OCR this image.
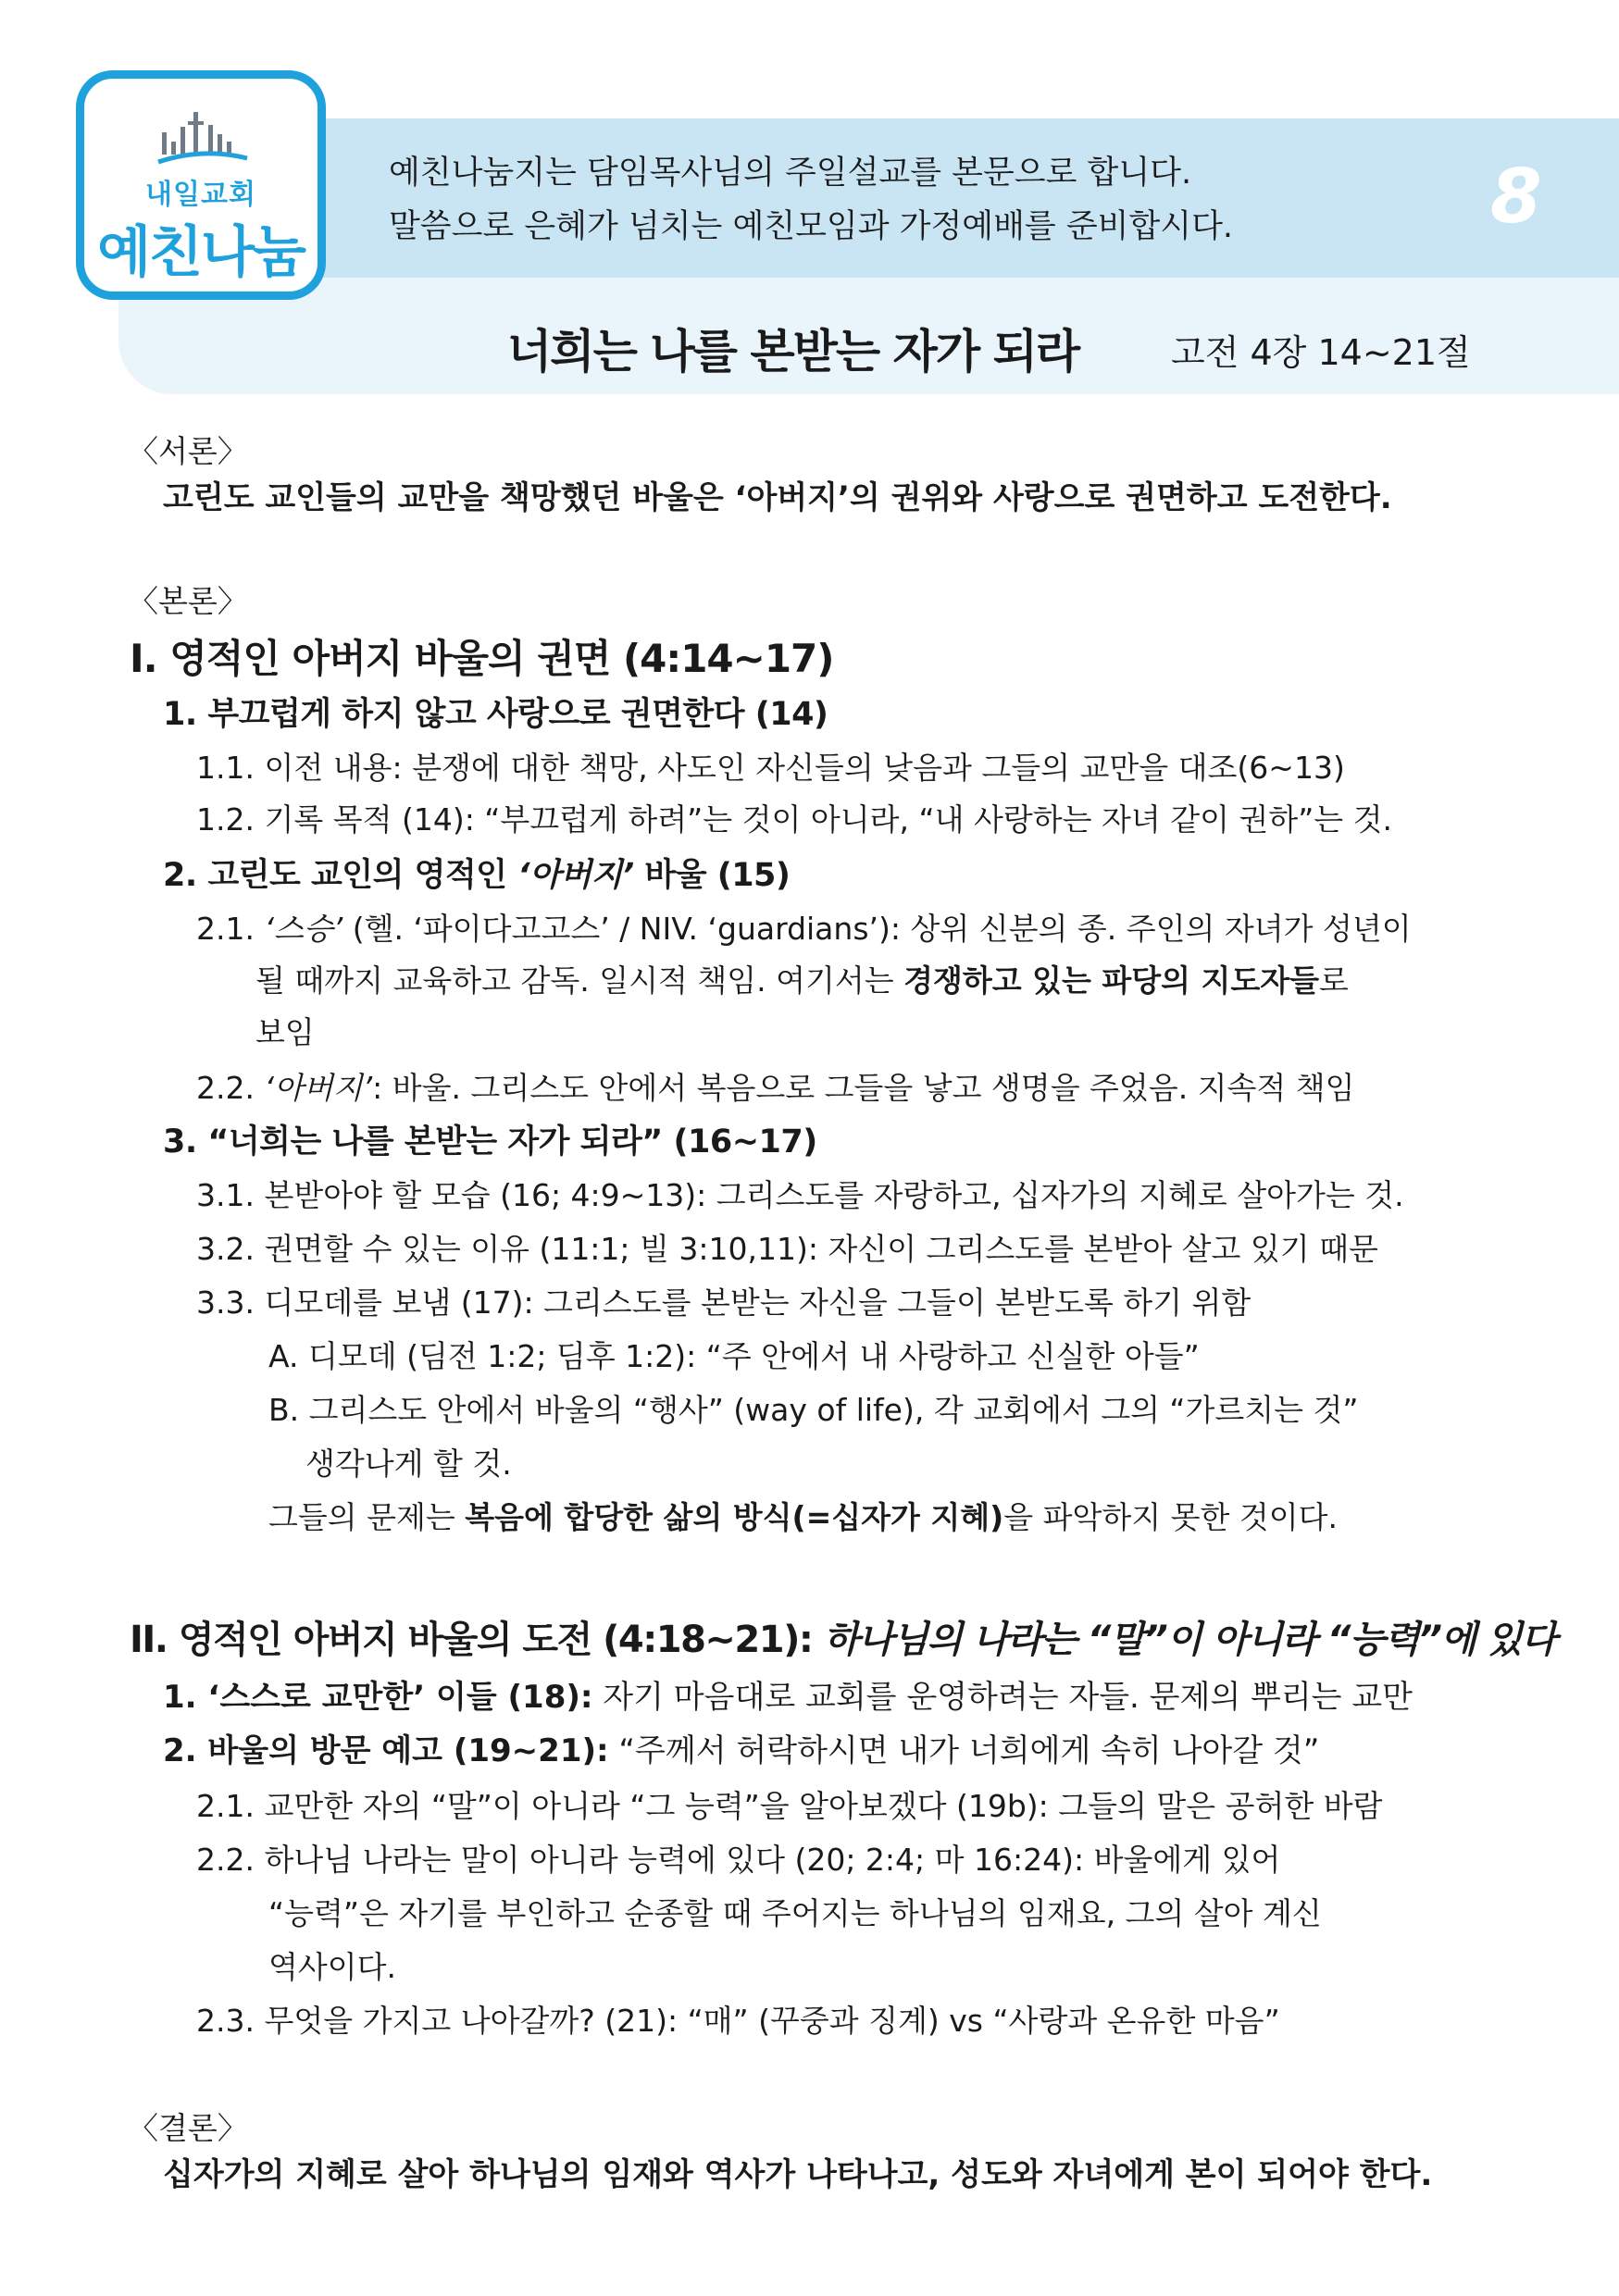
내일교회
예친나눔

예친나눔지는 담임목사님의 주일설교를 본문으로 합니다.
말씀으로 은혜가 넘치는 예친모임과 가정예배를 준비합시다.	8
너희는 나를 본받는 자가 되라	고전 4장 14~21절
〈서론〉
고린도 교인들의 교만을 책망했던 바울은 ‘아버지’의 권위와 사랑으로 권면하고 도전한다.
〈본론〉
I. 영적인 아버지 바울의 권면 (4:14~17)
1. 부끄럽게 하지 않고 사랑으로 권면한다 (14)
1.1. 이전 내용: 분쟁에 대한 책망, 사도인 자신들의 낮음과 그들의 교만을 대조(6~13)
1.2. 기록 목적 (14): “부끄럽게 하려”는 것이 아니라, “내 사랑하는 자녀 같이 권하”는 것.
2. 고린도 교인의 영적인 ‘아버지’ 바울 (15)
2.1. ‘스승’ (헬. ‘파이다고고스’ / NIV. ‘guardians’): 상위 신분의 종. 주인의 자녀가 성년이
될 때까지 교육하고 감독. 일시적 책임. 여기서는 경쟁하고 있는 파당의 지도자들로
보임
2.2. ‘아버지’: 바울. 그리스도 안에서 복음으로 그들을 낳고 생명을 주었음. 지속적 책임
3. “너희는 나를 본받는 자가 되라” (16~17)
3.1. 본받아야 할 모습 (16; 4:9~13): 그리스도를 자랑하고, 십자가의 지혜로 살아가는 것.
3.2. 권면할 수 있는 이유 (11:1; 빌 3:10,11): 자신이 그리스도를 본받아 살고 있기 때문
3.3. 디모데를 보냄 (17): 그리스도를 본받는 자신을 그들이 본받도록 하기 위함
A. 디모데 (딤전 1:2; 딤후 1:2): “주 안에서 내 사랑하고 신실한 아들”
B. 그리스도 안에서 바울의 “행사” (way of life), 각 교회에서 그의 “가르치는 것”
생각나게 할 것.
그들의 문제는 복음에 합당한 삶의 방식(=십자가 지혜)을 파악하지 못한 것이다.
II. 영적인 아버지 바울의 도전 (4:18~21): 하나님의 나라는 “말”이 아니라 “능력”에 있다
1. ‘스스로 교만한’ 이들 (18): 자기 마음대로 교회를 운영하려는 자들. 문제의 뿌리는 교만
2. 바울의 방문 예고 (19~21): “주께서 허락하시면 내가 너희에게 속히 나아갈 것”
2.1. 교만한 자의 “말”이 아니라 “그 능력”을 알아보겠다 (19b): 그들의 말은 공허한 바람
2.2. 하나님 나라는 말이 아니라 능력에 있다 (20; 2:4; 마 16:24): 바울에게 있어
“능력”은 자기를 부인하고 순종할 때 주어지는 하나님의 임재요, 그의 살아 계신
역사이다.
2.3. 무엇을 가지고 나아갈까? (21): “매” (꾸중과 징계) vs “사랑과 온유한 마음”
〈결론〉
십자가의 지혜로 살아 하나님의 임재와 역사가 나타나고, 성도와 자녀에게 본이 되어야 한다.
